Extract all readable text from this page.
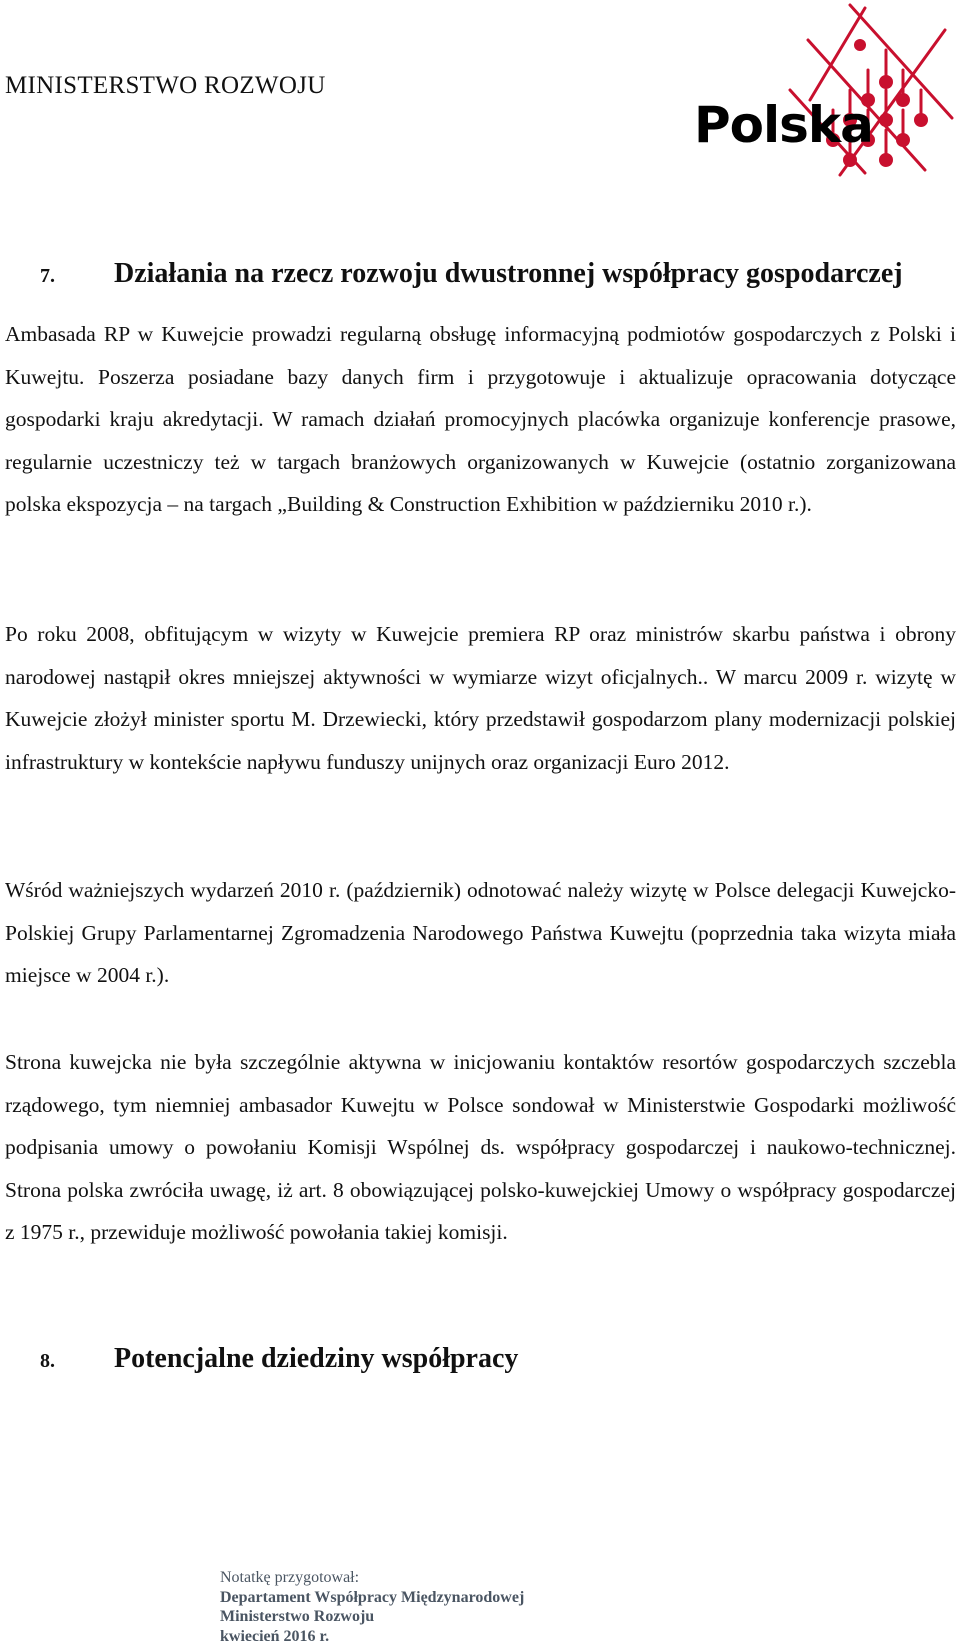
MINISTERSTWO ROZWOJU
Polska
7. Działania na rzecz rozwoju dwustronnej współpracy gospodarczej

Ambasada RP w Kuwejcie prowadzi regularną obsługę informacyjną podmiotów gospodarczych z Polski i Kuwejtu. Poszerza posiadane bazy danych firm i przygotowuje i aktualizuje opracowania dotyczące gospodarki kraju akredytacji. W ramach działań promocyjnych placówka organizuje konferencje prasowe, regularnie uczestniczy też w targach branżowych organizowanych w Kuwejcie (ostatnio zorganizowana polska ekspozycja – na targach „Building & Construction Exhibition w październiku 2010 r.).

Po roku 2008, obfitującym w wizyty w Kuwejcie premiera RP oraz ministrów skarbu państwa i obrony narodowej nastąpił okres mniejszej aktywności w wymiarze wizyt oficjalnych.. W marcu 2009 r. wizytę w Kuwejcie złożył minister sportu M. Drzewiecki, który przedstawił gospodarzom plany modernizacji polskiej infrastruktury w kontekście napływu funduszy unijnych oraz organizacji Euro 2012.

Wśród ważniejszych wydarzeń 2010 r. (październik) odnotować należy wizytę w Polsce delegacji Kuwejcko-Polskiej Grupy Parlamentarnej Zgromadzenia Narodowego Państwa Kuwejtu (poprzednia taka wizyta miała miejsce w 2004 r.).

Strona kuwejcka nie była szczególnie aktywna w inicjowaniu kontaktów resortów gospodarczych szczebla rządowego, tym niemniej ambasador Kuwejtu w Polsce sondował w Ministerstwie Gospodarki możliwość podpisania umowy o powołaniu Komisji Wspólnej ds. współpracy gospodarczej i naukowo-technicznej. Strona polska zwróciła uwagę, iż art. 8 obowiązującej polsko-kuwejckiej Umowy o współpracy gospodarczej z 1975 r., przewiduje możliwość powołania takiej komisji.

8. Potencjalne dziedziny współpracy
Notatkę przygotował:
Departament Współpracy Międzynarodowej
Ministerstwo Rozwoju
kwiecień 2016 r.
